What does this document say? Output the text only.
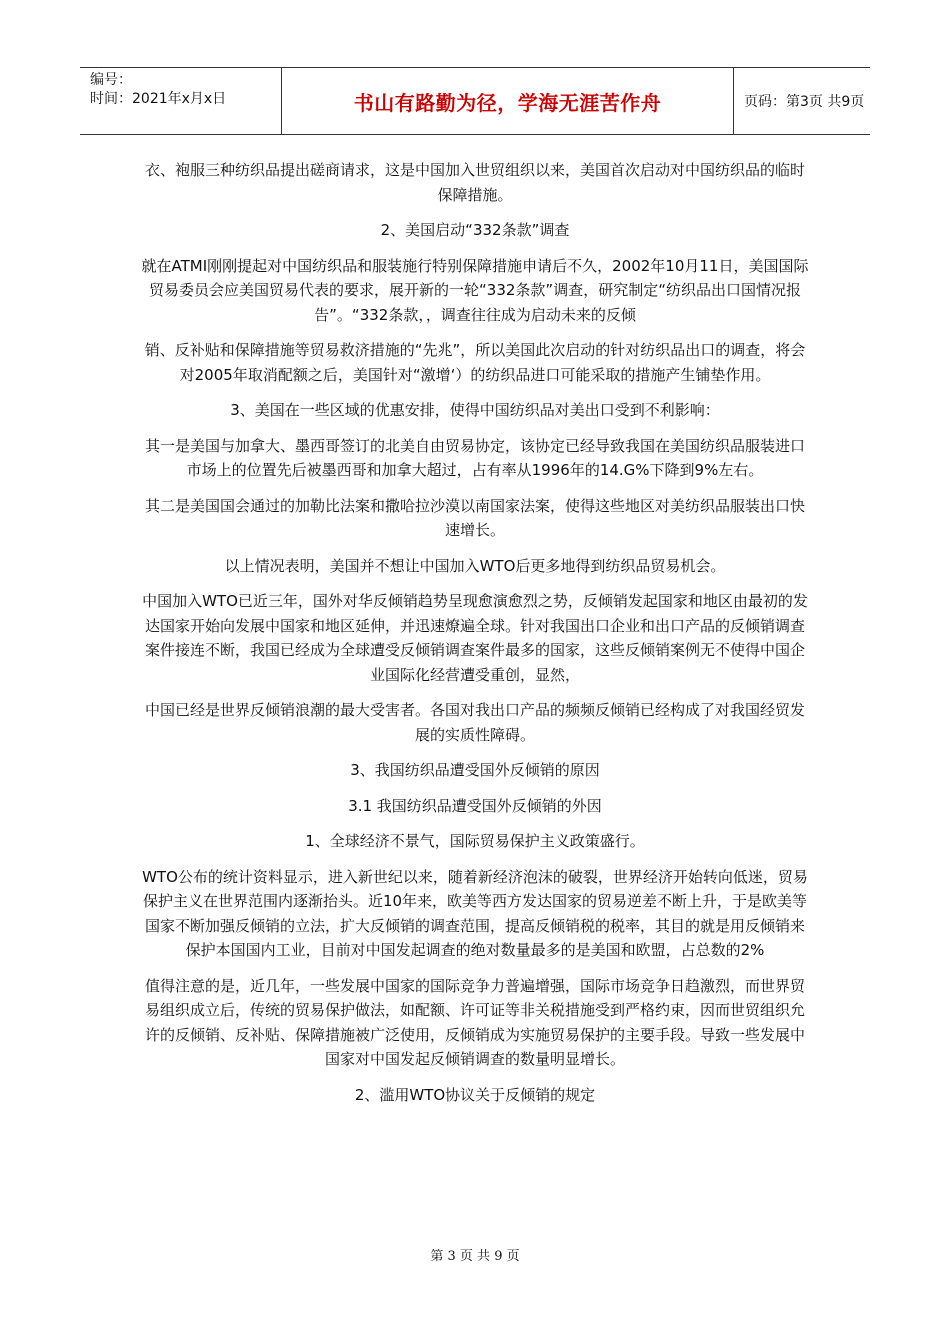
编号：
时间：2021年x月x日	书山有路勤为径，学海无涯苦作舟	页码：第3页 共9页

衣、袍服三种纺织品提出磋商请求，这是中国加入世贸组织以来，美国首次启动对中国纺织品的临时保障措施。

2、美国启动“332条款”调查

就在ATMI刚刚提起对中国纺织品和服装施行特别保障措施申请后不久，2002年10月11日，美国国际贸易委员会应美国贸易代表的要求，展开新的一轮“332条款”调查，研究制定“纺织品出口国情况报告”。“332条款，，调查往往成为启动未来的反倾

销、反补贴和保障措施等贸易救济措施的“先兆”，所以美国此次启动的针对纺织品出口的调查，将会对2005年取消配额之后，美国针对“激增‘）的纺织品进口可能采取的措施产生铺垫作用。

3、美国在一些区域的优惠安排，使得中国纺织品对美出口受到不利影响：

其一是美国与加拿大、墨西哥签订的北美自由贸易协定，该协定已经导致我国在美国纺织品服装进口市场上的位置先后被墨西哥和加拿大超过，占有率从1996年的14.G%下降到9%左右。

其二是美国国会通过的加勒比法案和撒哈拉沙漠以南国家法案，使得这些地区对美纺织品服装出口快速增长。

以上情况表明，美国并不想让中国加入WTO后更多地得到纺织品贸易机会。

中国加入WTO已近三年，国外对华反倾销趋势呈现愈演愈烈之势，反倾销发起国家和地区由最初的发达国家开始向发展中国家和地区延伸，并迅速燎遍全球。针对我国出口企业和出口产品的反倾销调查案件接连不断，我国已经成为全球遭受反倾销调查案件最多的国家，这些反倾销案例无不使得中国企业国际化经营遭受重创，显然，

中国已经是世界反倾销浪潮的最大受害者。各国对我出口产品的频频反倾销已经构成了对我国经贸发展的实质性障碍。

3、我国纺织品遭受国外反倾销的原因

3.1 我国纺织品遭受国外反倾销的外因

1、全球经济不景气，国际贸易保护主义政策盛行。

WTO公布的统计资料显示，进入新世纪以来，随着新经济泡沫的破裂，世界经济开始转向低迷，贸易保护主义在世界范围内逐渐抬头。近10年来，欧美等西方发达国家的贸易逆差不断上升，于是欧美等国家不断加强反倾销的立法，扩大反倾销的调查范围，提高反倾销税的税率，其目的就是用反倾销来保护本国国内工业，目前对中国发起调查的绝对数量最多的是美国和欧盟，占总数的2%

值得注意的是，近几年，一些发展中国家的国际竞争力普遍增强，国际市场竞争日趋激烈，而世界贸易组织成立后，传统的贸易保护做法，如配额、许可证等非关税措施受到严格约束，因而世贸组织允许的反倾销、反补贴、保障措施被广泛使用，反倾销成为实施贸易保护的主要手段。导致一些发展中国家对中国发起反倾销调查的数量明显增长。

2、滥用WTO协议关于反倾销的规定

第 3 页 共 9 页
